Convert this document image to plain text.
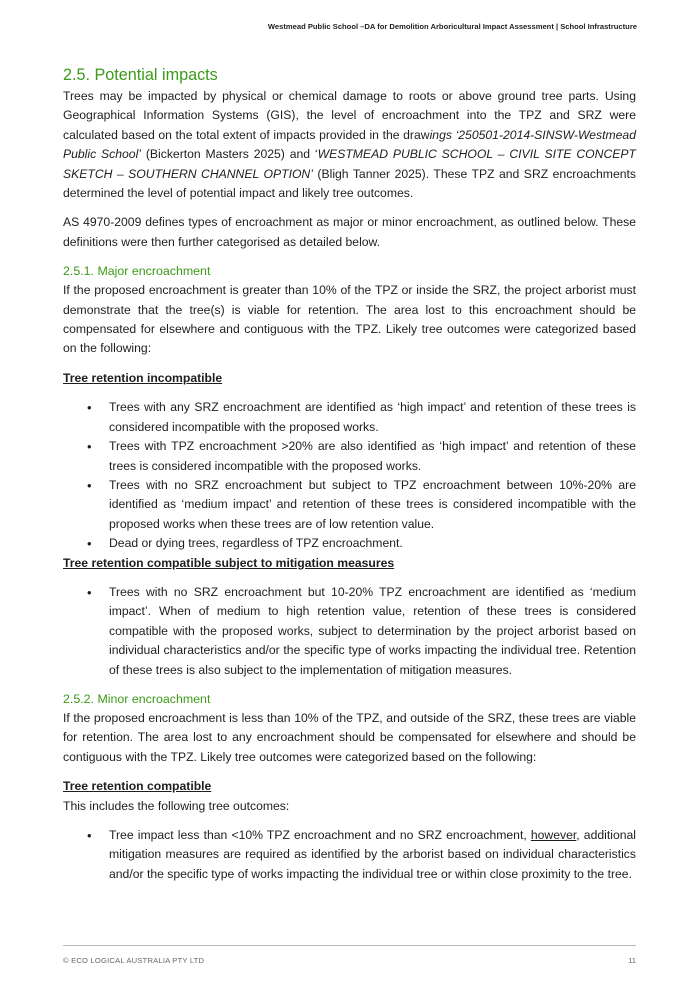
Westmead Public School –DA for Demolition Arboricultural Impact Assessment | School Infrastructure
2.5. Potential impacts

Trees may be impacted by physical or chemical damage to roots or above ground tree parts. Using Geographical Information Systems (GIS), the level of encroachment into the TPZ and SRZ were calculated based on the total extent of impacts provided in the drawings ‘250501-2014-SINSW-Westmead Public School’ (Bickerton Masters 2025) and ‘WESTMEAD PUBLIC SCHOOL – CIVIL SITE CONCEPT SKETCH – SOUTHERN CHANNEL OPTION’ (Bligh Tanner 2025). These TPZ and SRZ encroachments determined the level of potential impact and likely tree outcomes.

AS 4970-2009 defines types of encroachment as major or minor encroachment, as outlined below. These definitions were then further categorised as detailed below.

2.5.1. Major encroachment

If the proposed encroachment is greater than 10% of the TPZ or inside the SRZ, the project arborist must demonstrate that the tree(s) is viable for retention. The area lost to this encroachment should be compensated for elsewhere and contiguous with the TPZ. Likely tree outcomes were categorized based on the following:

Tree retention incompatible

• Trees with any SRZ encroachment are identified as ‘high impact’ and retention of these trees is considered incompatible with the proposed works.
• Trees with TPZ encroachment >20% are also identified as ‘high impact’ and retention of these trees is considered incompatible with the proposed works.
• Trees with no SRZ encroachment but subject to TPZ encroachment between 10%-20% are identified as ‘medium impact’ and retention of these trees is considered incompatible with the proposed works when these trees are of low retention value.
• Dead or dying trees, regardless of TPZ encroachment.

Tree retention compatible subject to mitigation measures

• Trees with no SRZ encroachment but 10-20% TPZ encroachment are identified as ‘medium impact’. When of medium to high retention value, retention of these trees is considered compatible with the proposed works, subject to determination by the project arborist based on individual characteristics and/or the specific type of works impacting the individual tree. Retention of these trees is also subject to the implementation of mitigation measures.
2.5.2. Minor encroachment

If the proposed encroachment is less than 10% of the TPZ, and outside of the SRZ, these trees are viable for retention. The area lost to any encroachment should be compensated for elsewhere and should be contiguous with the TPZ. Likely tree outcomes were categorized based on the following:

Tree retention compatible

This includes the following tree outcomes:

• Tree impact less than <10% TPZ encroachment and no SRZ encroachment, however, additional mitigation measures are required as identified by the arborist based on individual characteristics and/or the specific type of works impacting the individual tree or within close proximity to the tree.
© ECO LOGICAL AUSTRALIA PTY LTD	11
